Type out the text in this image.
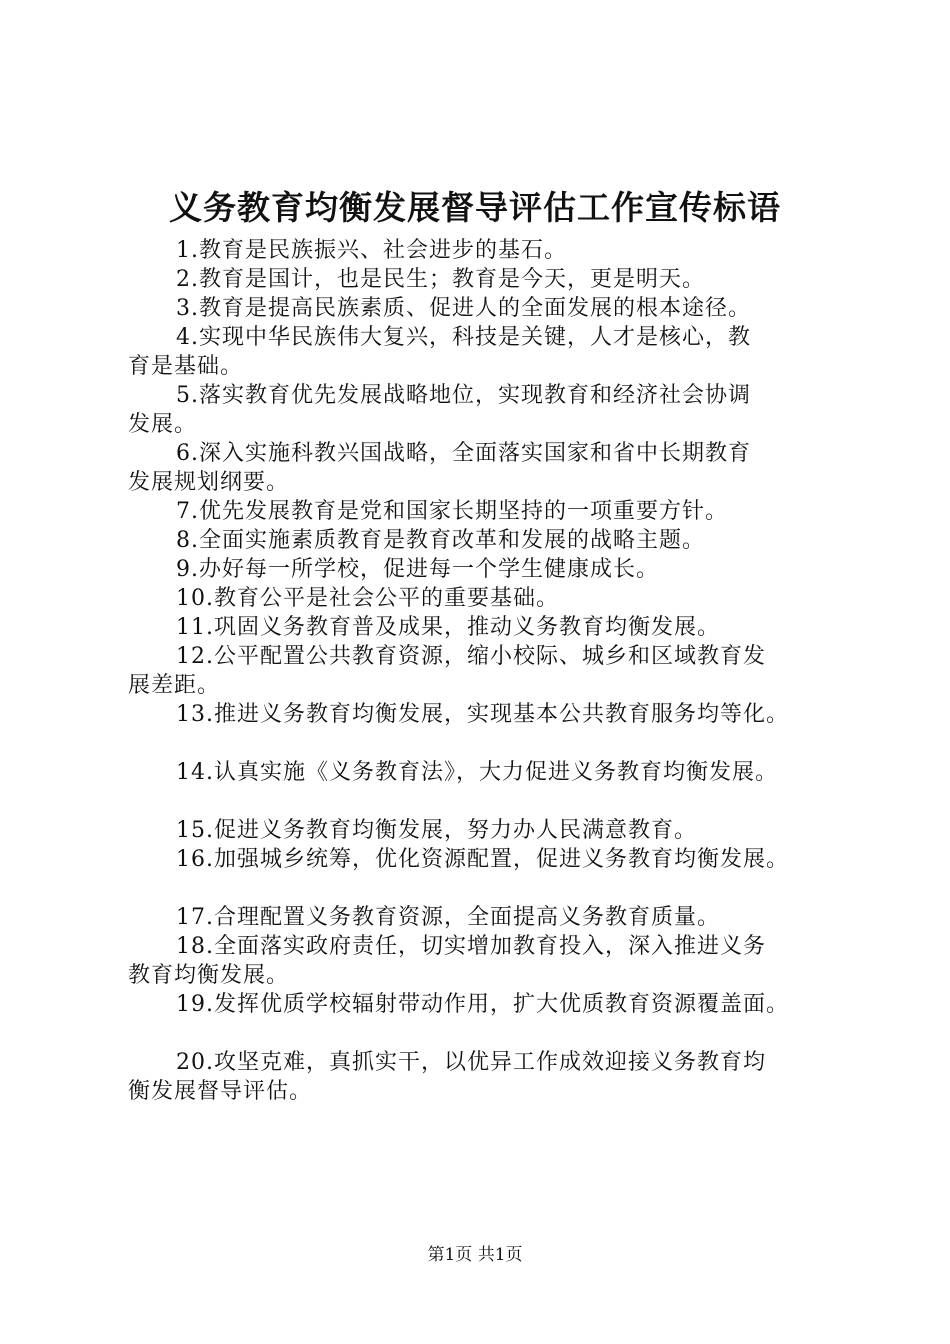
义务教育均衡发展督导评估工作宣传标语

1.教育是民族振兴、社会进步的基石。

2.教育是国计，也是民生；教育是今天，更是明天。

3.教育是提高民族素质、促进人的全面发展的根本途径。

4.实现中华民族伟大复兴，科技是关键，人才是核心，教

育是基础。

5.落实教育优先发展战略地位，实现教育和经济社会协调

发展。

6.深入实施科教兴国战略，全面落实国家和省中长期教育

发展规划纲要。

7.优先发展教育是党和国家长期坚持的一项重要方针。

8.全面实施素质教育是教育改革和发展的战略主题。

9.办好每一所学校，促进每一个学生健康成长。

10.教育公平是社会公平的重要基础。

11.巩固义务教育普及成果，推动义务教育均衡发展。

12.公平配置公共教育资源，缩小校际、城乡和区域教育发

展差距。

13.推进义务教育均衡发展，实现基本公共教育服务均等化。

14.认真实施《义务教育法》，大力促进义务教育均衡发展。

15.促进义务教育均衡发展，努力办人民满意教育。

16.加强城乡统筹，优化资源配置，促进义务教育均衡发展。

17.合理配置义务教育资源，全面提高义务教育质量。

18.全面落实政府责任，切实增加教育投入，深入推进义务

教育均衡发展。

19.发挥优质学校辐射带动作用，扩大优质教育资源覆盖面。

20.攻坚克难，真抓实干，以优异工作成效迎接义务教育均

衡发展督导评估。

第1页 共1页
